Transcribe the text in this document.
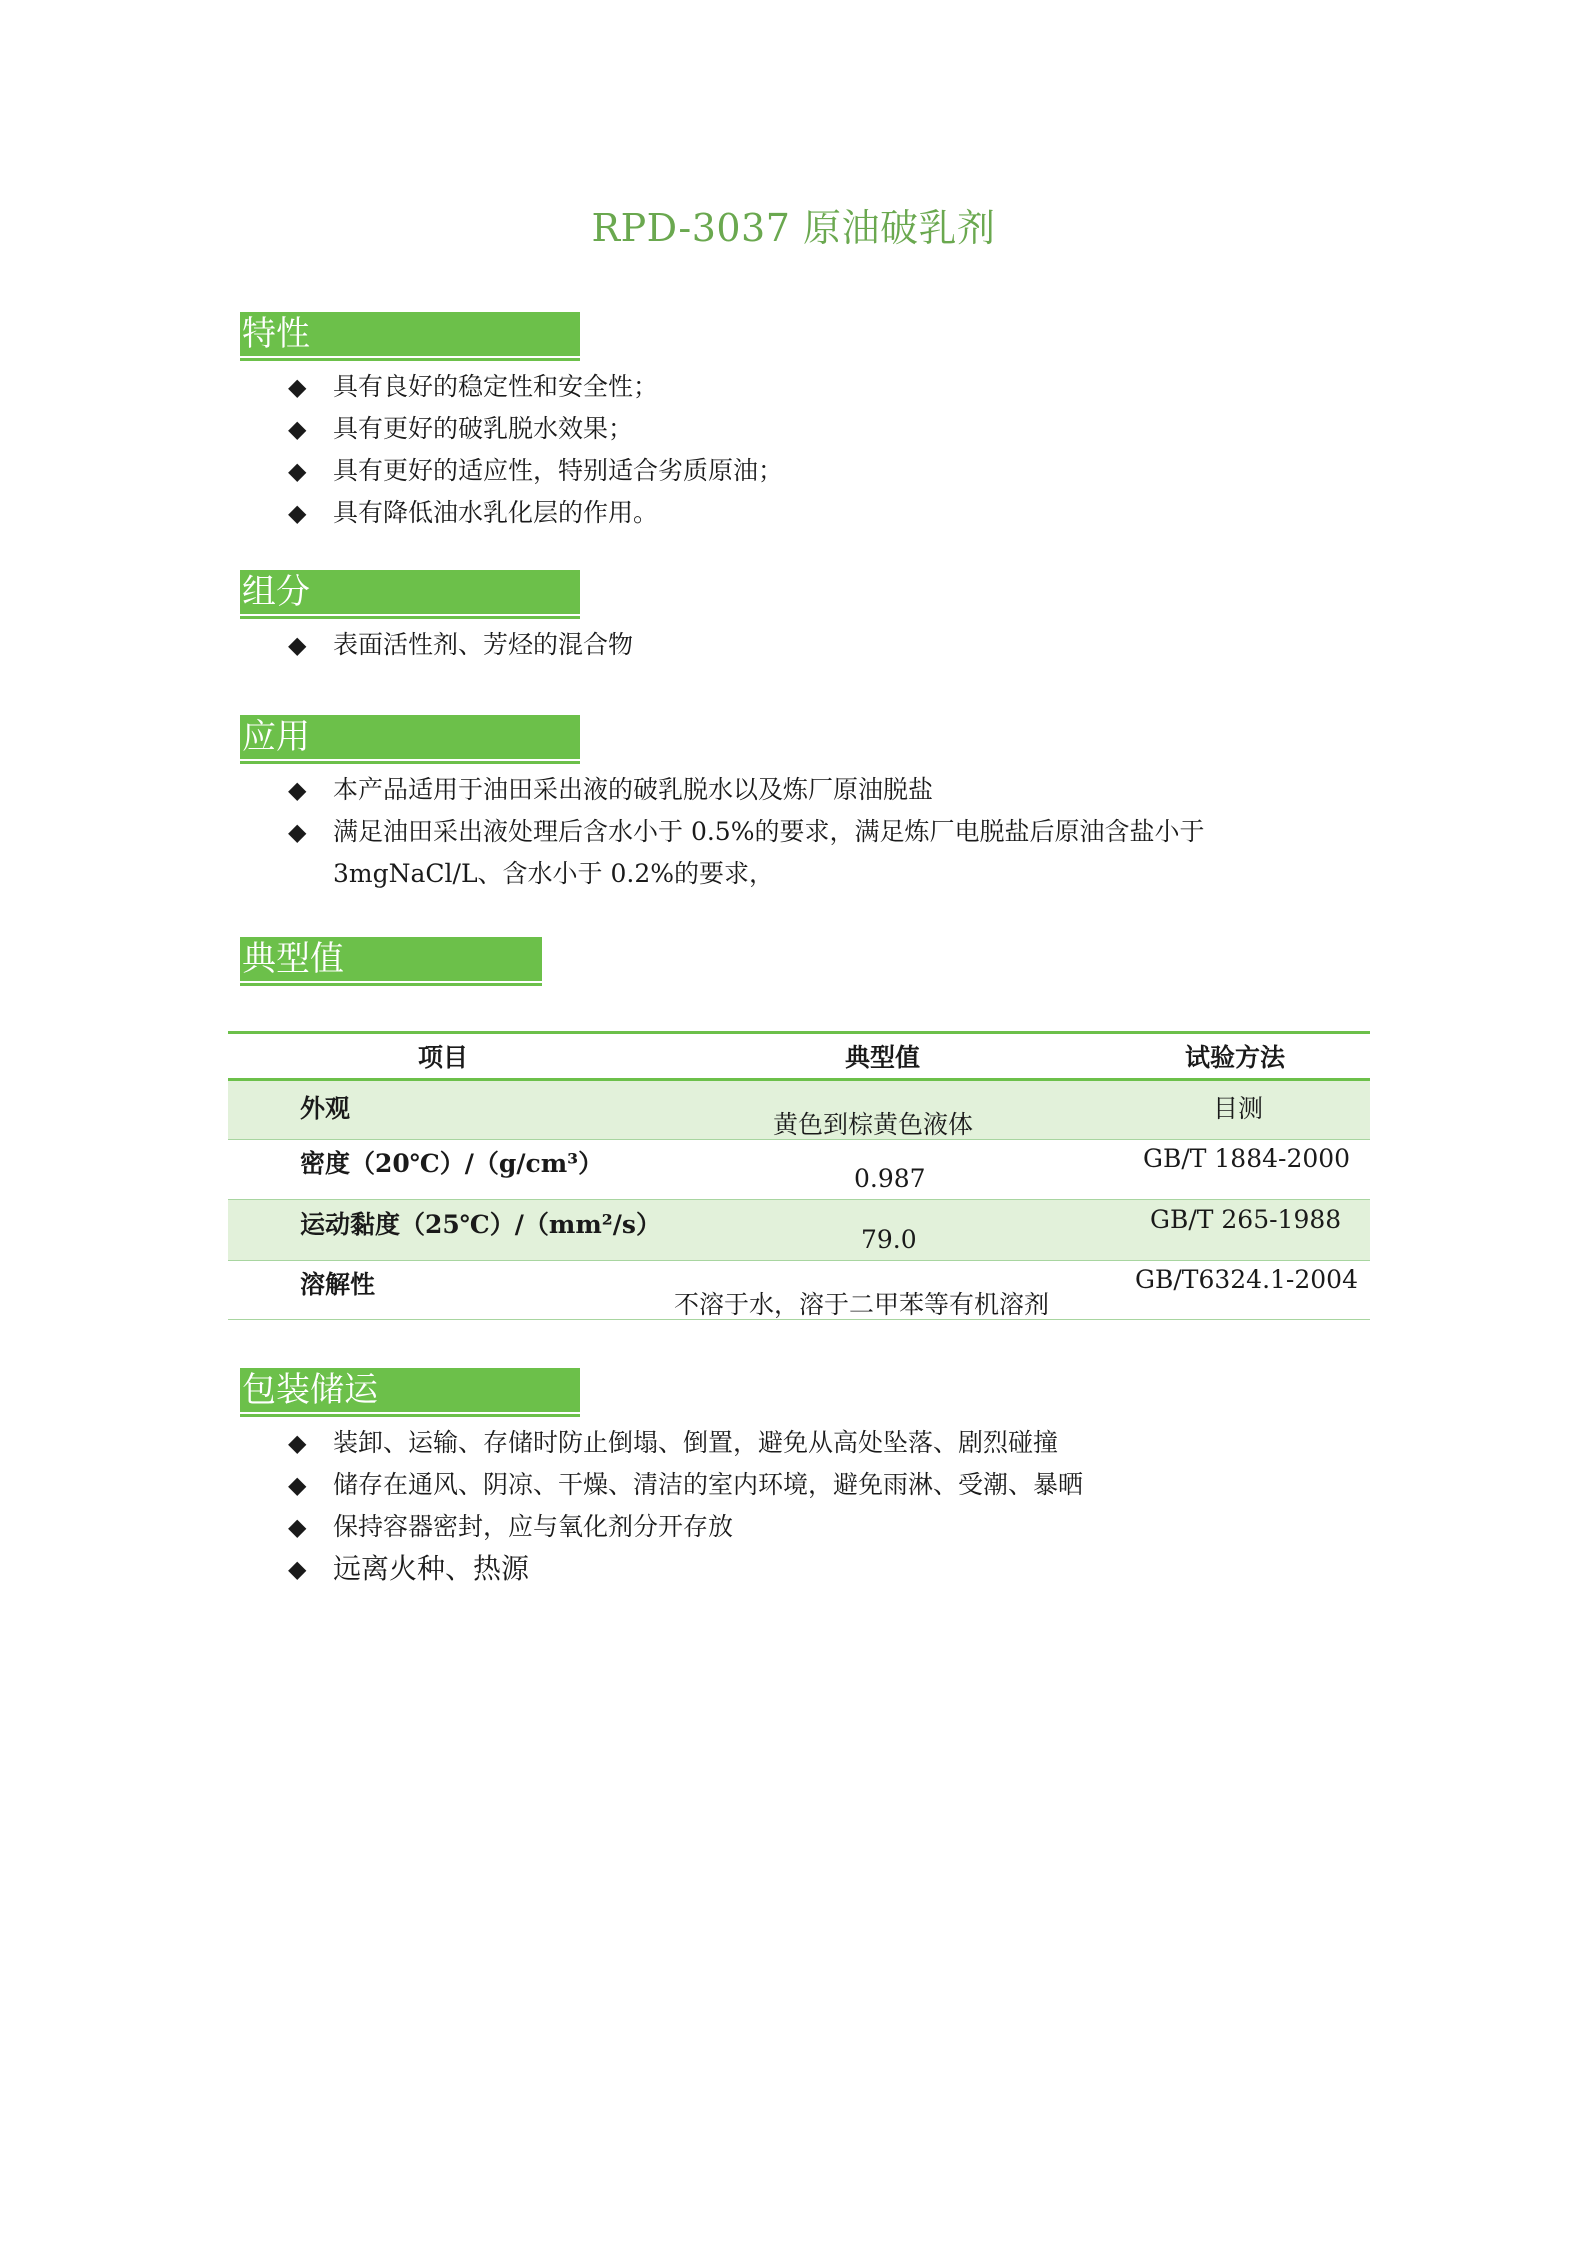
RPD-3037 原油破乳剂
特性
◆ 具有良好的稳定性和安全性；
◆ 具有更好的破乳脱水效果；
◆ 具有更好的适应性，特别适合劣质原油；
◆ 具有降低油水乳化层的作用。
组分
◆ 表面活性剂、芳烃的混合物
应用
◆ 本产品适用于油田采出液的破乳脱水以及炼厂原油脱盐
◆ 满足油田采出液处理后含水小于 0.5%的要求，满足炼厂电脱盐后原油含盐小于
3mgNaCl/L、含水小于 0.2%的要求，
典型值
项目	典型值	试验方法
外观
黄色到棕黄色液体
目测
密度（20℃）/（g/cm³）
0.987
GB/T 1884-2000
运动黏度（25℃）/（mm²/s）
79.0
GB/T 265-1988
溶解性
不溶于水，溶于二甲苯等有机溶剂
GB/T6324.1-2004
包装储运
◆ 装卸、运输、存储时防止倒塌、倒置，避免从高处坠落、剧烈碰撞
◆ 储存在通风、阴凉、干燥、清洁的室内环境，避免雨淋、受潮、暴晒
◆ 保持容器密封，应与氧化剂分开存放
◆ 远离火种、热源
